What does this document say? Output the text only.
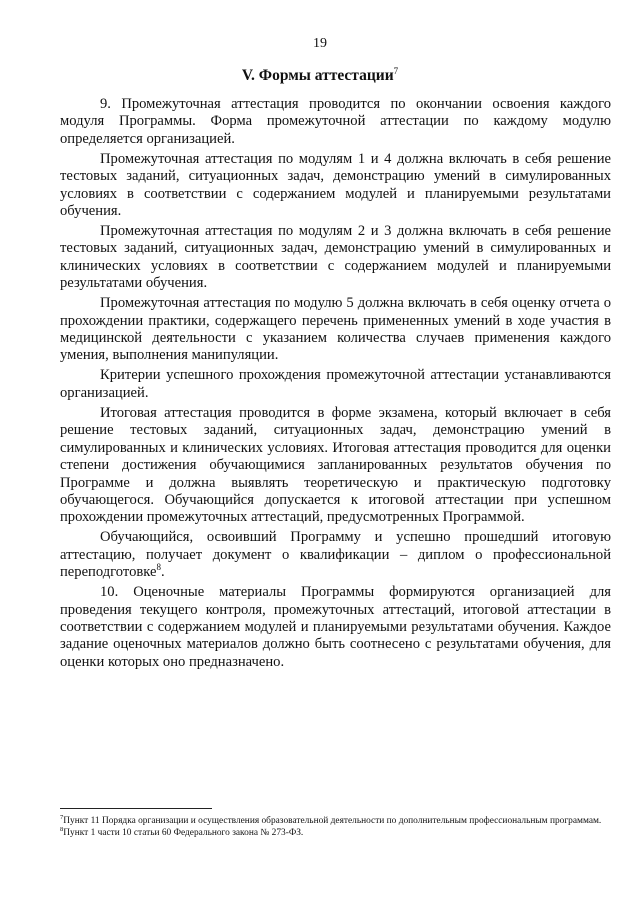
19
V. Формы аттестации$^7$

9. Промежуточная аттестация проводится по окончании освоения каждого модуля Программы. Форма промежуточной аттестации по каждому модулю определяется организацией.

Промежуточная аттестация по модулям 1 и 4 должна включать в себя решение тестовых заданий, ситуационных задач, демонстрацию умений в симулированных условиях в соответствии с содержанием модулей и планируемыми результатами обучения.

Промежуточная аттестация по модулям 2 и 3 должна включать в себя решение тестовых заданий, ситуационных задач, демонстрацию умений в симулированных и клинических условиях в соответствии с содержанием модулей и планируемыми результатами обучения.

Промежуточная аттестация по модулю 5 должна включать в себя оценку отчета о прохождении практики, содержащего перечень примененных умений в ходе участия в медицинской деятельности с указанием количества случаев применения каждого умения, выполнения манипуляции.

Критерии успешного прохождения промежуточной аттестации устанавливаются организацией.

Итоговая аттестация проводится в форме экзамена, который включает в себя решение тестовых заданий, ситуационных задач, демонстрацию умений в симулированных и клинических условиях. Итоговая аттестация проводится для оценки степени достижения обучающимися запланированных результатов обучения по Программе и должна выявлять теоретическую и практическую подготовку обучающегося. Обучающийся допускается к итоговой аттестации при успешном прохождении промежуточных аттестаций, предусмотренных Программой.

Обучающийся, освоивший Программу и успешно прошедший итоговую аттестацию, получает документ о квалификации – диплом о профессиональной переподготовке$^8$.

10. Оценочные материалы Программы формируются организацией для проведения текущего контроля, промежуточных аттестаций, итоговой аттестации в соответствии с содержанием модулей и планируемыми результатами обучения. Каждое задание оценочных материалов должно быть соотнесено с результатами обучения, для оценки которых оно предназначено.

$^7$Пункт 11 Порядка организации и осуществления образовательной деятельности по дополнительным профессиональным программам.

$^8$Пункт 1 части 10 статьи 60 Федерального закона № 273-ФЗ.
